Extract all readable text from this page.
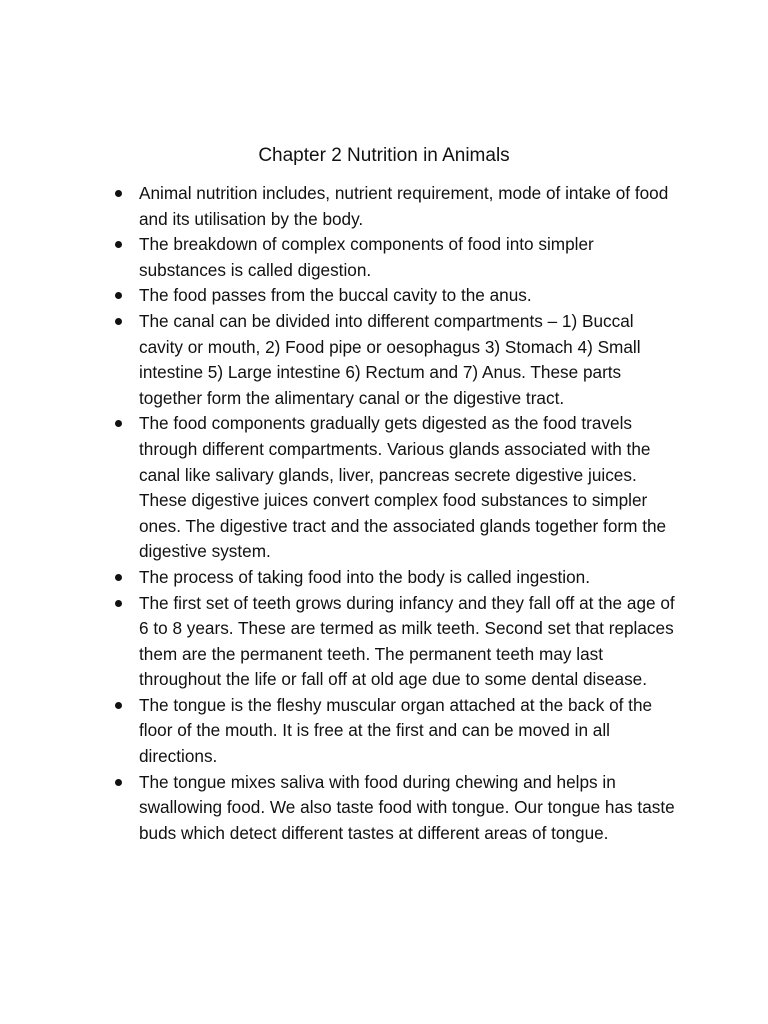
Chapter 2 Nutrition in Animals
Animal nutrition includes, nutrient requirement, mode of intake of food and its utilisation by the body.
The breakdown of complex components of food into simpler substances is called digestion.
The food passes from the buccal cavity to the anus.
The canal can be divided into different compartments – 1) Buccal cavity or mouth, 2) Food pipe or oesophagus 3) Stomach 4) Small intestine 5) Large intestine 6) Rectum and 7) Anus. These parts together form the alimentary canal or the digestive tract.
The food components gradually gets digested as the food travels through different compartments. Various glands associated with the canal like salivary glands, liver, pancreas secrete digestive juices. These digestive juices convert complex food substances to simpler ones. The digestive tract and the associated glands together form the digestive system.
The process of taking food into the body is called ingestion.
The first set of teeth grows during infancy and they fall off at the age of 6 to 8 years. These are termed as milk teeth. Second set that replaces them are the permanent teeth. The permanent teeth may last throughout the life or fall off at old age due to some dental disease.
The tongue is the fleshy muscular organ attached at the back of the floor of the mouth. It is free at the first and can be moved in all directions.
The tongue mixes saliva with food during chewing and helps in swallowing food. We also taste food with tongue. Our tongue has taste buds which detect different tastes at different areas of tongue.
